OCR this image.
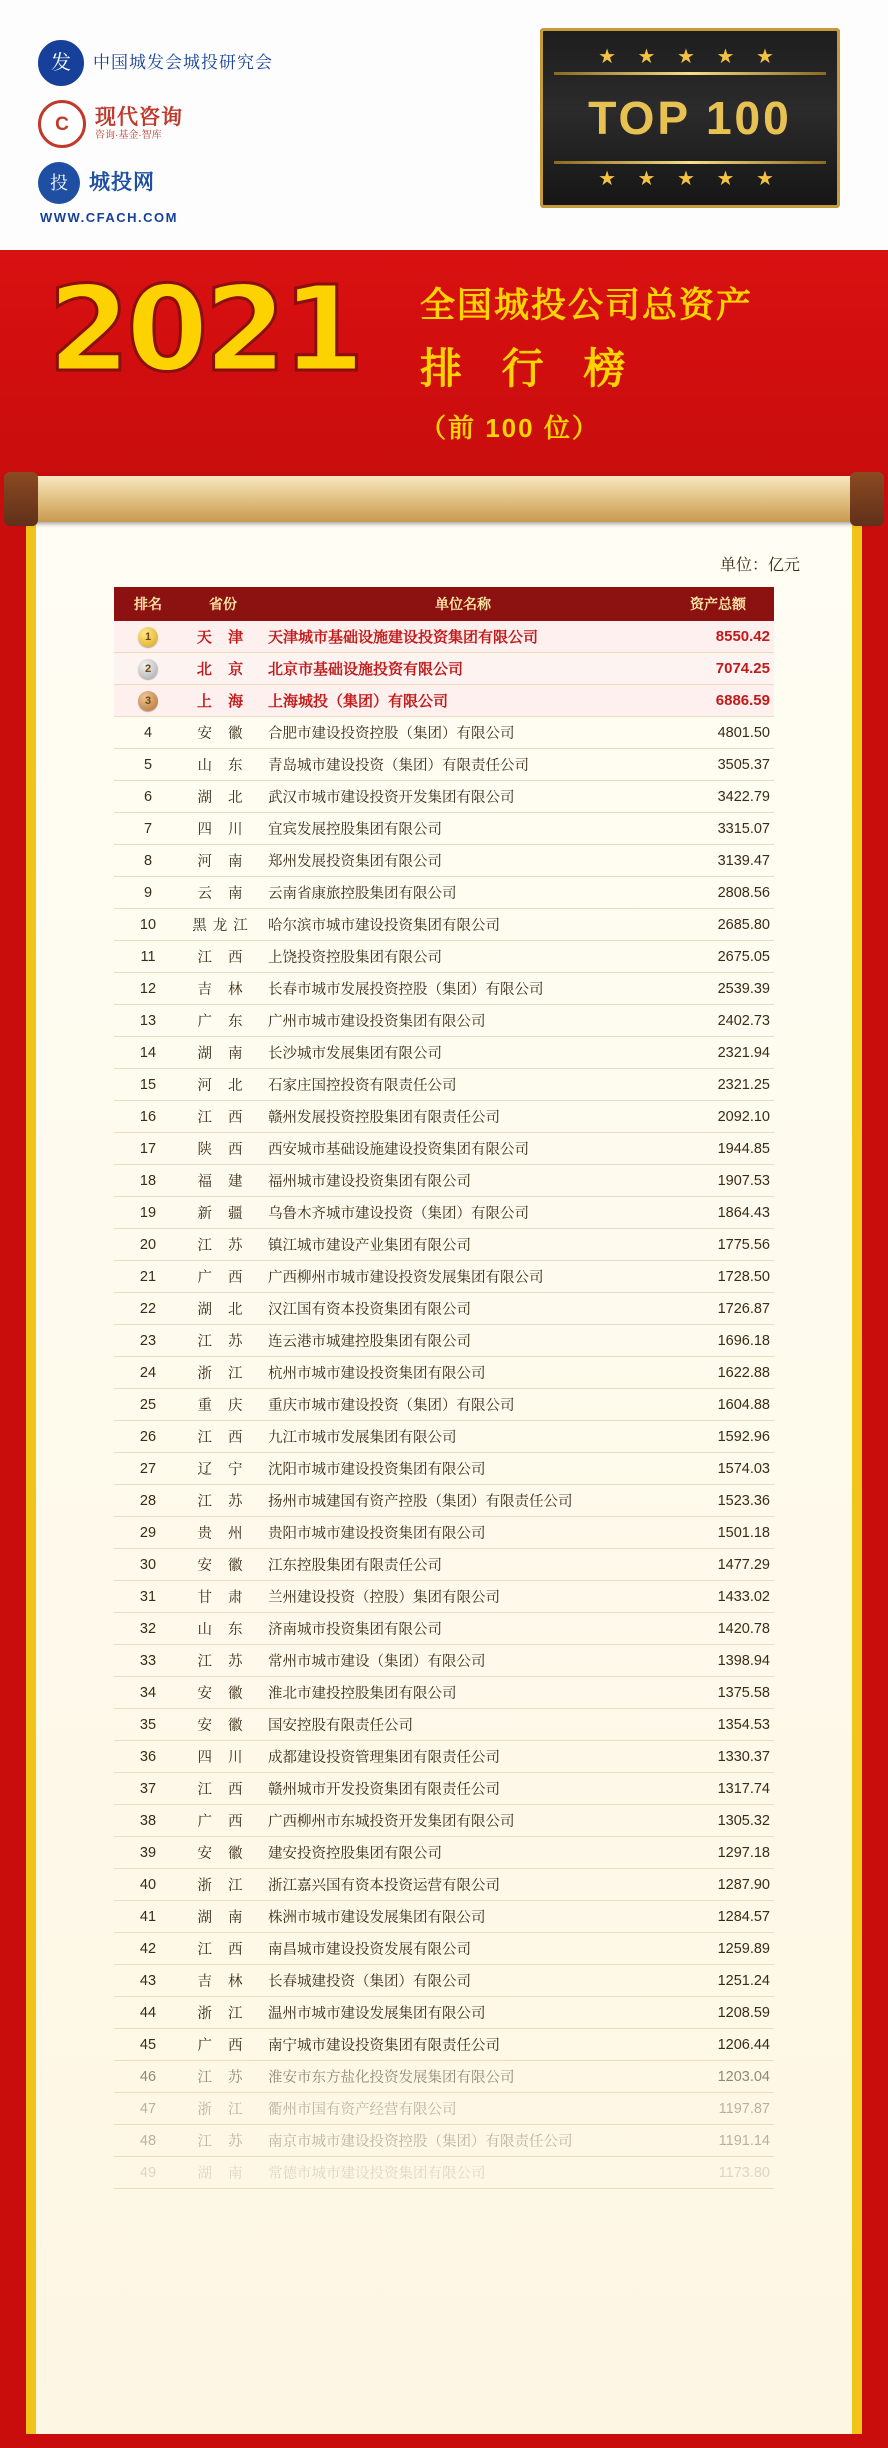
发 中国城发会城投研究会
C 现代咨询
咨询·基金·智库
投 城投网
WWW.CFACH.COM
★ ★ ★ ★ ★
TOP 100
★ ★ ★ ★ ★
2021 全国城投公司总资产
排 行 榜
（前 100 位）
单位：亿元
排名	省份	单位名称	资产总额
1	天 津	天津城市基础设施建设投资集团有限公司	8550.42
2	北 京	北京市基础设施投资有限公司	7074.25
3	上 海	上海城投（集团）有限公司	6886.59
4	安 徽	合肥市建设投资控股（集团）有限公司	4801.50
5	山 东	青岛城市建设投资（集团）有限责任公司	3505.37
6	湖 北	武汉市城市建设投资开发集团有限公司	3422.79
7	四 川	宜宾发展控股集团有限公司	3315.07
8	河 南	郑州发展投资集团有限公司	3139.47
9	云 南	云南省康旅控股集团有限公司	2808.56
10	黑龙江	哈尔滨市城市建设投资集团有限公司	2685.80
11	江 西	上饶投资控股集团有限公司	2675.05
12	吉 林	长春市城市发展投资控股（集团）有限公司	2539.39
13	广 东	广州市城市建设投资集团有限公司	2402.73
14	湖 南	长沙城市发展集团有限公司	2321.94
15	河 北	石家庄国控投资有限责任公司	2321.25
16	江 西	赣州发展投资控股集团有限责任公司	2092.10
17	陕 西	西安城市基础设施建设投资集团有限公司	1944.85
18	福 建	福州城市建设投资集团有限公司	1907.53
19	新 疆	乌鲁木齐城市建设投资（集团）有限公司	1864.43
20	江 苏	镇江城市建设产业集团有限公司	1775.56
21	广 西	广西柳州市城市建设投资发展集团有限公司	1728.50
22	湖 北	汉江国有资本投资集团有限公司	1726.87
23	江 苏	连云港市城建控股集团有限公司	1696.18
24	浙 江	杭州市城市建设投资集团有限公司	1622.88
25	重 庆	重庆市城市建设投资（集团）有限公司	1604.88
26	江 西	九江市城市发展集团有限公司	1592.96
27	辽 宁	沈阳市城市建设投资集团有限公司	1574.03
28	江 苏	扬州市城建国有资产控股（集团）有限责任公司	1523.36
29	贵 州	贵阳市城市建设投资集团有限公司	1501.18
30	安 徽	江东控股集团有限责任公司	1477.29
31	甘 肃	兰州建设投资（控股）集团有限公司	1433.02
32	山 东	济南城市投资集团有限公司	1420.78
33	江 苏	常州市城市建设（集团）有限公司	1398.94
34	安 徽	淮北市建投控股集团有限公司	1375.58
35	安 徽	国安控股有限责任公司	1354.53
36	四 川	成都建设投资管理集团有限责任公司	1330.37
37	江 西	赣州城市开发投资集团有限责任公司	1317.74
38	广 西	广西柳州市东城投资开发集团有限公司	1305.32
39	安 徽	建安投资控股集团有限公司	1297.18
40	浙 江	浙江嘉兴国有资本投资运营有限公司	1287.90
41	湖 南	株洲市城市建设发展集团有限公司	1284.57
42	江 西	南昌城市建设投资发展有限公司	1259.89
43	吉 林	长春城建投资（集团）有限公司	1251.24
44	浙 江	温州市城市建设发展集团有限公司	1208.59
45	广 西	南宁城市建设投资集团有限责任公司	1206.44
46	江 苏	淮安市东方盐化投资发展集团有限公司	1203.04
47	浙 江	衢州市国有资产经营有限公司	1197.87
48	江 苏	南京市城市建设投资控股（集团）有限责任公司	1191.14
49	湖 南	常德市城市建设投资集团有限公司	1173.80
